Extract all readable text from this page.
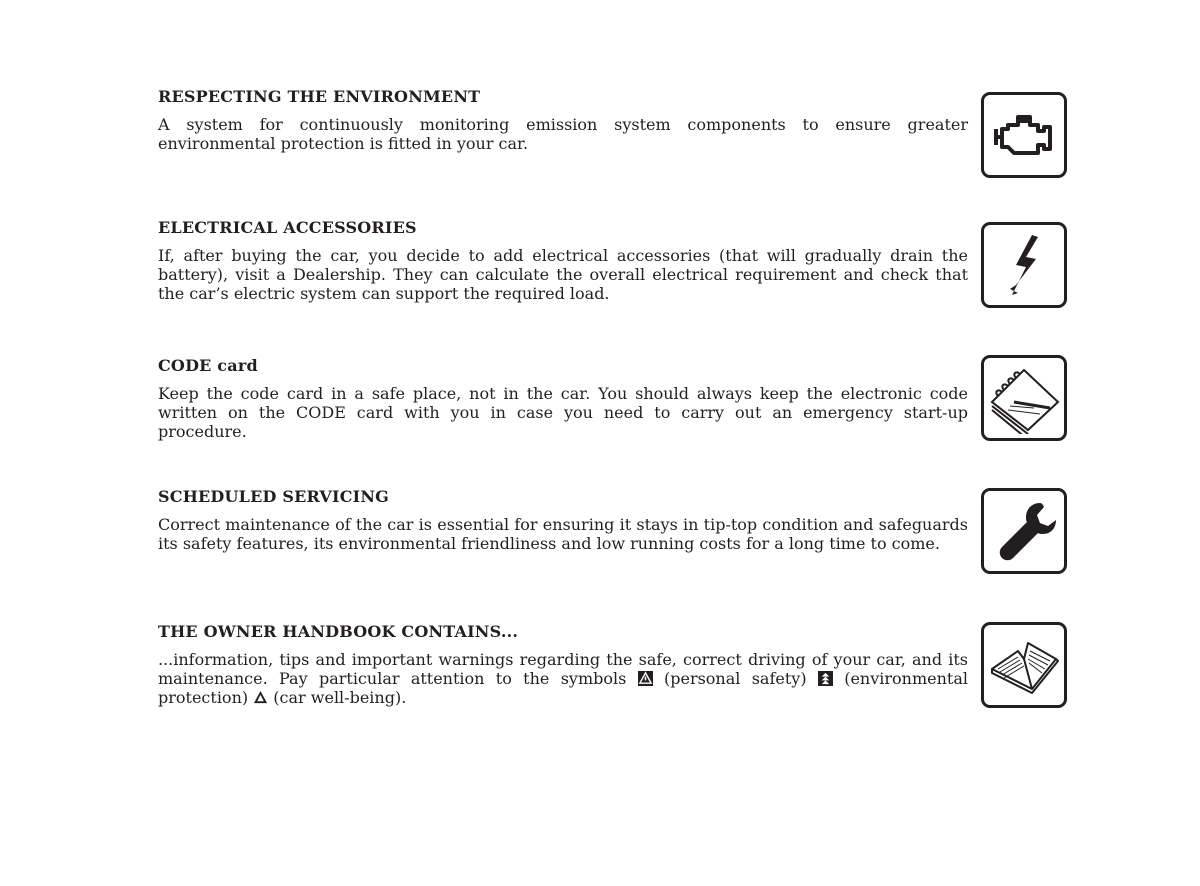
RESPECTING THE ENVIRONMENT

A system for continuously monitoring emission system components to ensure greater environmental protection is fitted in your car.

ELECTRICAL ACCESSORIES

If, after buying the car, you decide to add electrical accessories (that will gradually drain the battery), visit a Dealership. They can calculate the overall electrical requirement and check that the car’s electric system can support the required load.

CODE card

Keep the code card in a safe place, not in the car. You should always keep the electronic code written on the CODE card with you in case you need to carry out an emergency start-up procedure.

SCHEDULED SERVICING

Correct maintenance of the car is essential for ensuring it stays in tip-top condition and safeguards its safety features, its environmental friendliness and low running costs for a long time to come.

THE OWNER HANDBOOK CONTAINS...

...information, tips and important warnings regarding the safe, correct driving of your car, and its maintenance. Pay particular attention to the symbols (personal safety) (environmental protection) (car well-being).
